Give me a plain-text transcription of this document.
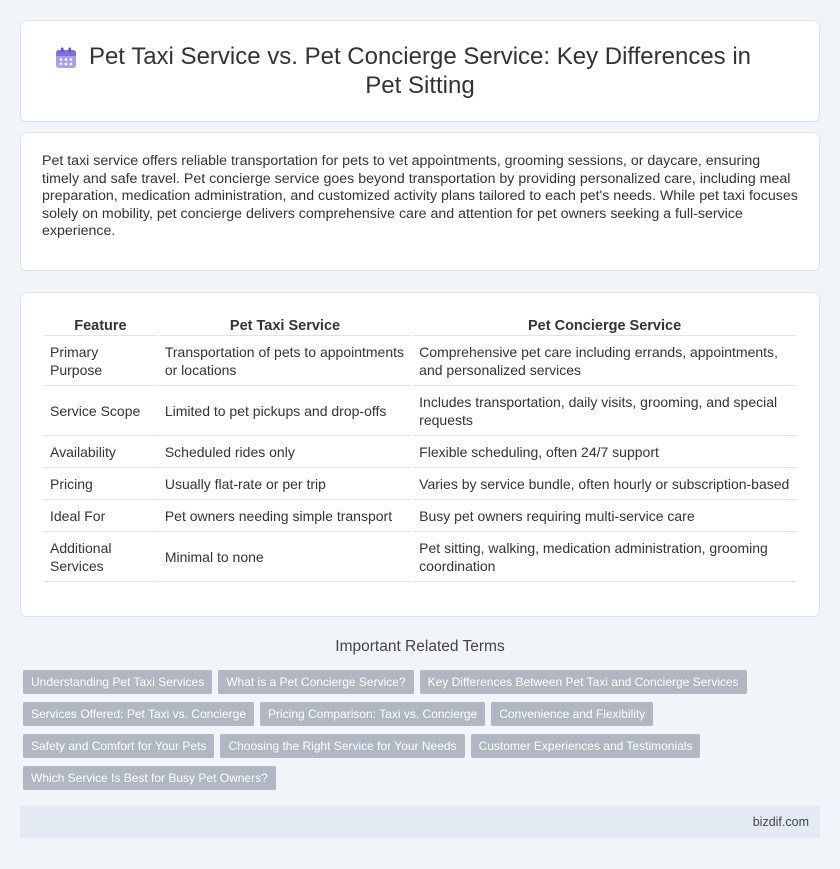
Pet Taxi Service vs. Pet Concierge Service: Key Differences in Pet Sitting

Pet taxi service offers reliable transportation for pets to vet appointments, grooming sessions, or daycare, ensuring timely and safe travel. Pet concierge service goes beyond transportation by providing personalized care, including meal preparation, medication administration, and customized activity plans tailored to each pet's needs. While pet taxi focuses solely on mobility, pet concierge delivers comprehensive care and attention for pet owners seeking a full-service experience.

Feature	Pet Taxi Service	Pet Concierge Service
Primary Purpose	Transportation of pets to appointments or locations	Comprehensive pet care including errands, appointments, and personalized services
Service Scope	Limited to pet pickups and drop-offs	Includes transportation, daily visits, grooming, and special requests
Availability	Scheduled rides only	Flexible scheduling, often 24/7 support
Pricing	Usually flat-rate or per trip	Varies by service bundle, often hourly or subscription-based
Ideal For	Pet owners needing simple transport	Busy pet owners requiring multi-service care
Additional Services	Minimal to none	Pet sitting, walking, medication administration, grooming coordination
Important Related Terms
Understanding Pet Taxi Services	What is a Pet Concierge Service?	Key Differences Between Pet Taxi and Concierge Services
Services Offered: Pet Taxi vs. Concierge	Pricing Comparison: Taxi vs. Concierge	Convenience and Flexibility
Safety and Comfort for Your Pets	Choosing the Right Service for Your Needs	Customer Experiences and Testimonials
Which Service Is Best for Busy Pet Owners?
bizdif.com
